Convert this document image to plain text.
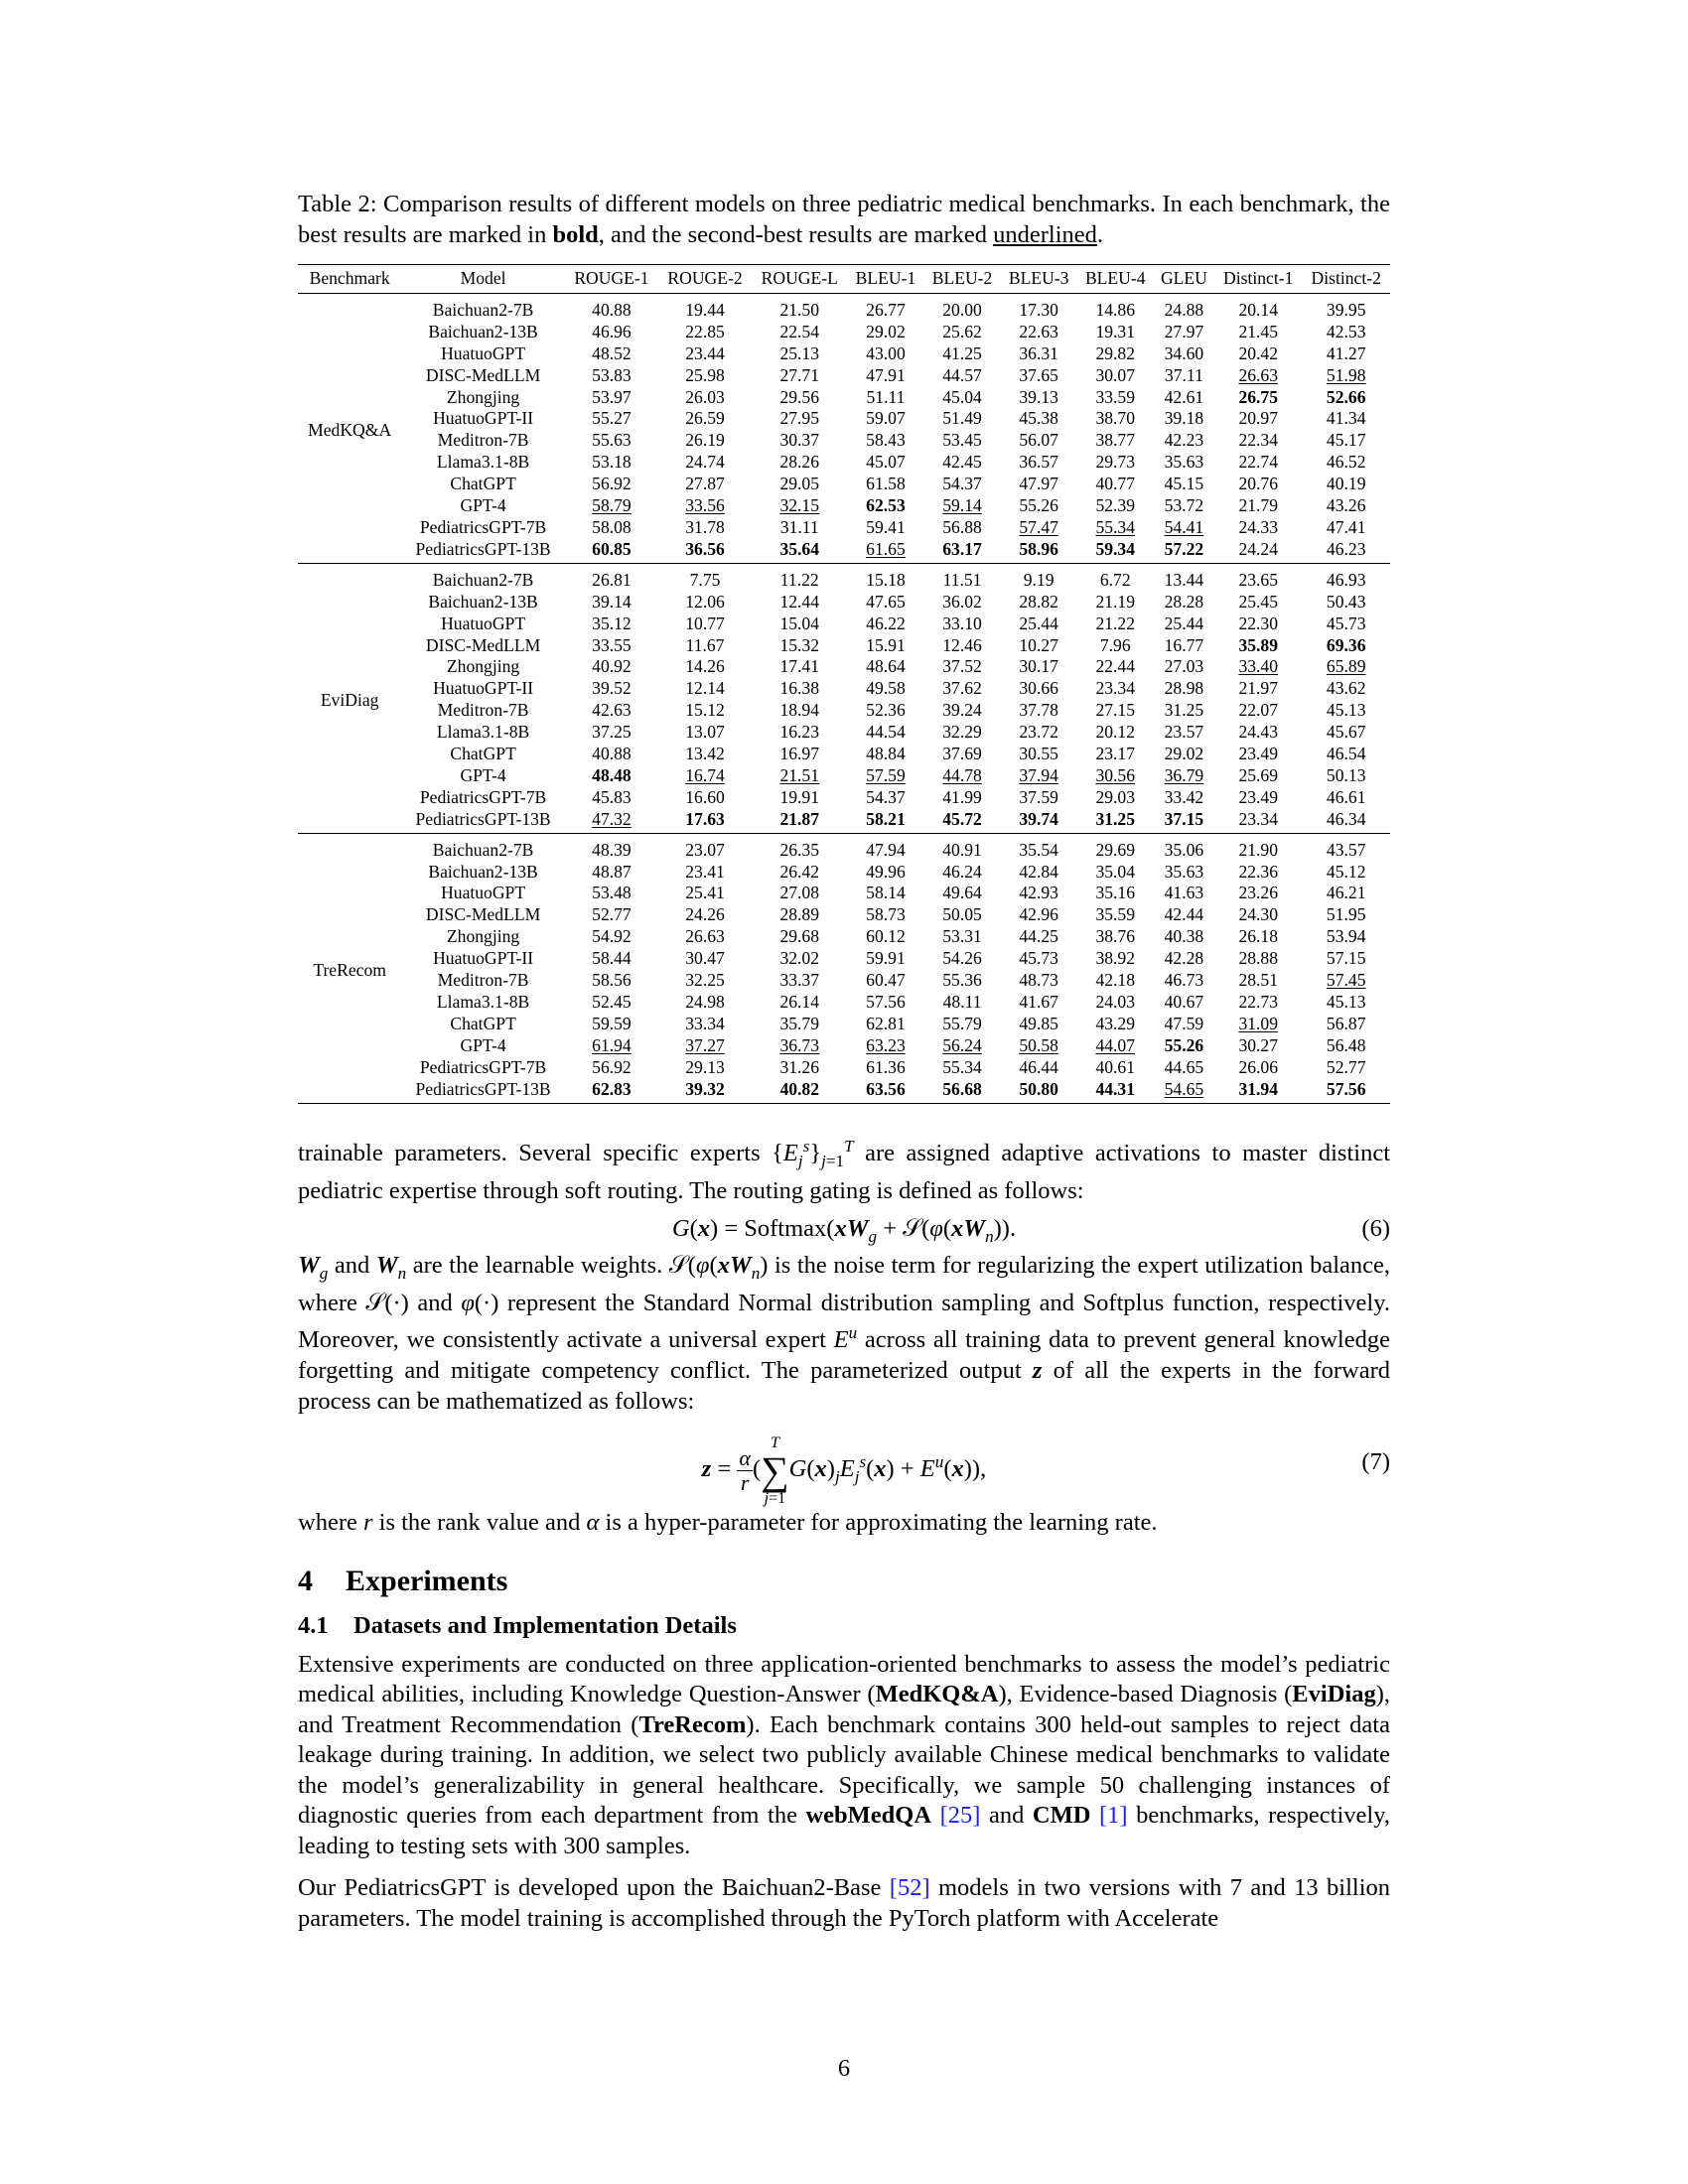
Table 2: Comparison results of different models on three pediatric medical benchmarks. In each benchmark, the best results are marked in bold, and the second-best results are marked underlined.

Benchmark	Model	ROUGE-1	ROUGE-2	ROUGE-L	BLEU-1	BLEU-2	BLEU-3	BLEU-4	GLEU	Distinct-1	Distinct-2
MedKQ&A	Baichuan2-7B	40.88	19.44	21.50	26.77	20.00	17.30	14.86	24.88	20.14	39.95
	Baichuan2-13B	46.96	22.85	22.54	29.02	25.62	22.63	19.31	27.97	21.45	42.53
	HuatuoGPT	48.52	23.44	25.13	43.00	41.25	36.31	29.82	34.60	20.42	41.27
	DISC-MedLLM	53.83	25.98	27.71	47.91	44.57	37.65	30.07	37.11	26.63	51.98
	Zhongjing	53.97	26.03	29.56	51.11	45.04	39.13	33.59	42.61	26.75	52.66
	HuatuoGPT-II	55.27	26.59	27.95	59.07	51.49	45.38	38.70	39.18	20.97	41.34
	Meditron-7B	55.63	26.19	30.37	58.43	53.45	56.07	38.77	42.23	22.34	45.17
	Llama3.1-8B	53.18	24.74	28.26	45.07	42.45	36.57	29.73	35.63	22.74	46.52
	ChatGPT	56.92	27.87	29.05	61.58	54.37	47.97	40.77	45.15	20.76	40.19
	GPT-4	58.79	33.56	32.15	62.53	59.14	55.26	52.39	53.72	21.79	43.26
	PediatricsGPT-7B	58.08	31.78	31.11	59.41	56.88	57.47	55.34	54.41	24.33	47.41
	PediatricsGPT-13B	60.85	36.56	35.64	61.65	63.17	58.96	59.34	57.22	24.24	46.23
EviDiag	Baichuan2-7B	26.81	7.75	11.22	15.18	11.51	9.19	6.72	13.44	23.65	46.93
	Baichuan2-13B	39.14	12.06	12.44	47.65	36.02	28.82	21.19	28.28	25.45	50.43
	HuatuoGPT	35.12	10.77	15.04	46.22	33.10	25.44	21.22	25.44	22.30	45.73
	DISC-MedLLM	33.55	11.67	15.32	15.91	12.46	10.27	7.96	16.77	35.89	69.36
	Zhongjing	40.92	14.26	17.41	48.64	37.52	30.17	22.44	27.03	33.40	65.89
	HuatuoGPT-II	39.52	12.14	16.38	49.58	37.62	30.66	23.34	28.98	21.97	43.62
	Meditron-7B	42.63	15.12	18.94	52.36	39.24	37.78	27.15	31.25	22.07	45.13
	Llama3.1-8B	37.25	13.07	16.23	44.54	32.29	23.72	20.12	23.57	24.43	45.67
	ChatGPT	40.88	13.42	16.97	48.84	37.69	30.55	23.17	29.02	23.49	46.54
	GPT-4	48.48	16.74	21.51	57.59	44.78	37.94	30.56	36.79	25.69	50.13
	PediatricsGPT-7B	45.83	16.60	19.91	54.37	41.99	37.59	29.03	33.42	23.49	46.61
	PediatricsGPT-13B	47.32	17.63	21.87	58.21	45.72	39.74	31.25	37.15	23.34	46.34
TreRecom	Baichuan2-7B	48.39	23.07	26.35	47.94	40.91	35.54	29.69	35.06	21.90	43.57
	Baichuan2-13B	48.87	23.41	26.42	49.96	46.24	42.84	35.04	35.63	22.36	45.12
	HuatuoGPT	53.48	25.41	27.08	58.14	49.64	42.93	35.16	41.63	23.26	46.21
	DISC-MedLLM	52.77	24.26	28.89	58.73	50.05	42.96	35.59	42.44	24.30	51.95
	Zhongjing	54.92	26.63	29.68	60.12	53.31	44.25	38.76	40.38	26.18	53.94
	HuatuoGPT-II	58.44	30.47	32.02	59.91	54.26	45.73	38.92	42.28	28.88	57.15
	Meditron-7B	58.56	32.25	33.37	60.47	55.36	48.73	42.18	46.73	28.51	57.45
	Llama3.1-8B	52.45	24.98	26.14	57.56	48.11	41.67	24.03	40.67	22.73	45.13
	ChatGPT	59.59	33.34	35.79	62.81	55.79	49.85	43.29	47.59	31.09	56.87
	GPT-4	61.94	37.27	36.73	63.23	56.24	50.58	44.07	55.26	30.27	56.48
	PediatricsGPT-7B	56.92	29.13	31.26	61.36	55.34	46.44	40.61	44.65	26.06	52.77
	PediatricsGPT-13B	62.83	39.32	40.82	63.56	56.68	50.80	44.31	54.65	31.94	57.56

trainable parameters. Several specific experts $\{E_j^s\}_{j=1}^T$ are assigned adaptive activations to master distinct pediatric expertise through soft routing. The routing gating is defined as follows:

$G(x) = Softmax(xW_g$ + $𝒮(\varphi(xW_n))$.	(6)

$W_g$ and $W_n$ are the learnable weights. $𝒮(\varphi(xW_n)$ is the noise term for regularizing the expert utilization balance, where 𝒮(·) and φ(·) represent the Standard Normal distribution sampling and Softplus function, respectively. Moreover, we consistently activate a universal expert $E^u$ across all training data to prevent general knowledge forgetting and mitigate competency conflict. The parameterized output z of all the experts in the forward process can be mathematized as follows:

$z = \frac{\alpha}{r}$ (
T
∑
j=1
$G(x)_jE_j^s(x) + E^u(x)$),	(7)

where r is the rank value and α is a hyper-parameter for approximating the learning rate.

4 Experiments
4.1 Datasets and Implementation Details

Extensive experiments are conducted on three application-oriented benchmarks to assess the model’s pediatric medical abilities, including Knowledge Question-Answer (MedKQ&A), Evidence-based Diagnosis (EviDiag), and Treatment Recommendation (TreRecom). Each benchmark contains 300 held-out samples to reject data leakage during training. In addition, we select two publicly available Chinese medical benchmarks to validate the model’s generalizability in general healthcare. Specifically, we sample 50 challenging instances of diagnostic queries from each department from the webMedQA [25] and CMD [1] benchmarks, respectively, leading to testing sets with 300 samples.

Our PediatricsGPT is developed upon the Baichuan2-Base [52] models in two versions with 7 and 13 billion parameters. The model training is accomplished through the PyTorch platform with Accelerate

6
